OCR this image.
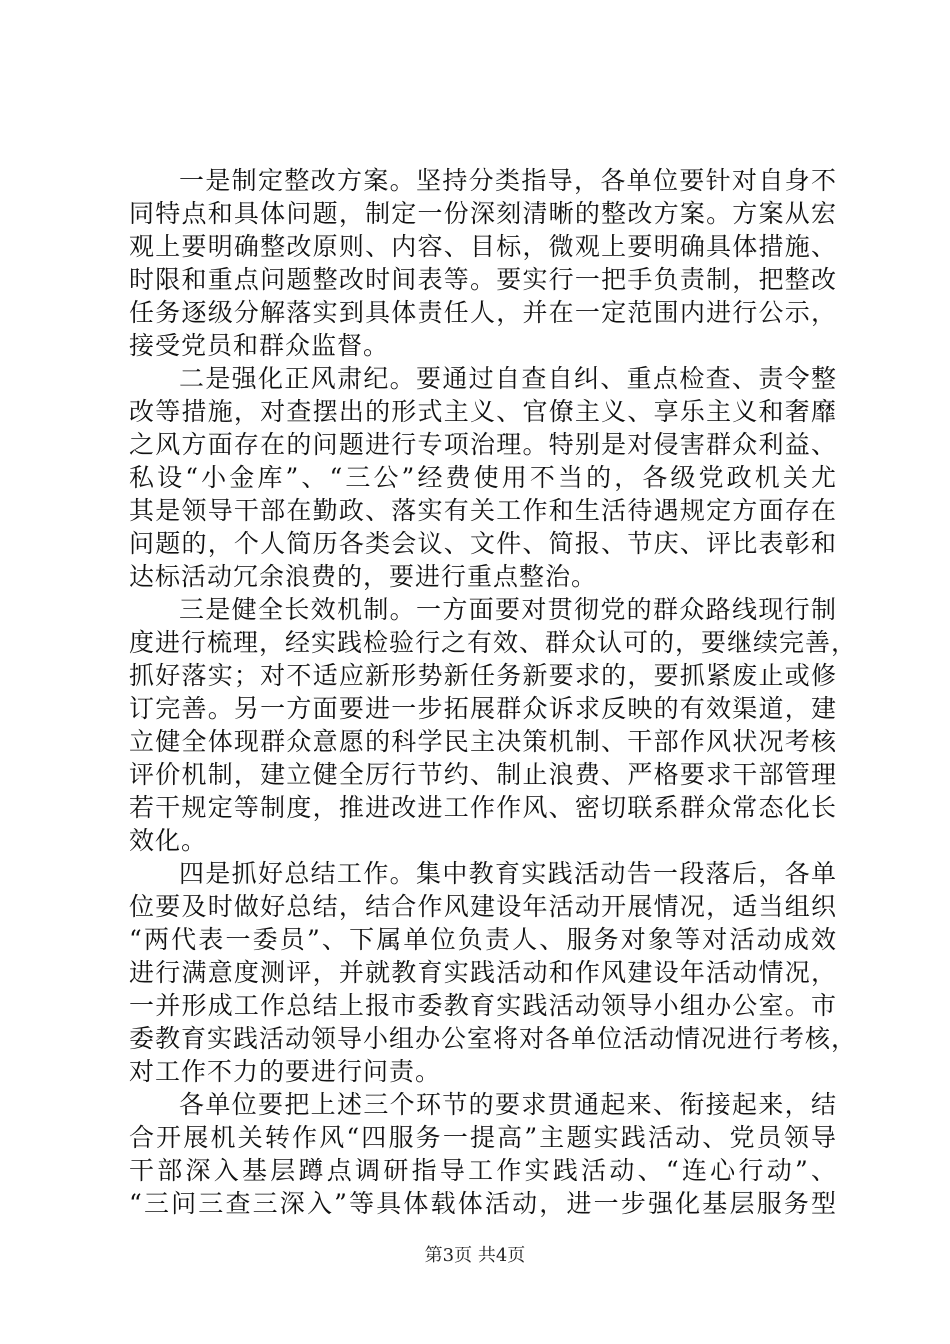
一是制定整改方案。坚持分类指导，各单位要针对自身不
同特点和具体问题，制定一份深刻清晰的整改方案。方案从宏
观上要明确整改原则、内容、目标，微观上要明确具体措施、
时限和重点问题整改时间表等。要实行一把手负责制，把整改
任务逐级分解落实到具体责任人，并在一定范围内进行公示，
接受党员和群众监督。
二是强化正风肃纪。要通过自查自纠、重点检查、责令整
改等措施，对查摆出的形式主义、官僚主义、享乐主义和奢靡
之风方面存在的问题进行专项治理。特别是对侵害群众利益、
私设“小金库”、“三公”经费使用不当的，各级党政机关尤
其是领导干部在勤政、落实有关工作和生活待遇规定方面存在
问题的，个人简历各类会议、文件、简报、节庆、评比表彰和
达标活动冗余浪费的，要进行重点整治。
三是健全长效机制。一方面要对贯彻党的群众路线现行制
度进行梳理，经实践检验行之有效、群众认可的，要继续完善，
抓好落实；对不适应新形势新任务新要求的，要抓紧废止或修
订完善。另一方面要进一步拓展群众诉求反映的有效渠道，建
立健全体现群众意愿的科学民主决策机制、干部作风状况考核
评价机制，建立健全厉行节约、制止浪费、严格要求干部管理
若干规定等制度，推进改进工作作风、密切联系群众常态化长
效化。
四是抓好总结工作。集中教育实践活动告一段落后，各单
位要及时做好总结，结合作风建设年活动开展情况，适当组织
“两代表一委员”、下属单位负责人、服务对象等对活动成效
进行满意度测评，并就教育实践活动和作风建设年活动情况，
一并形成工作总结上报市委教育实践活动领导小组办公室。市
委教育实践活动领导小组办公室将对各单位活动情况进行考核，
对工作不力的要进行问责。
各单位要把上述三个环节的要求贯通起来、衔接起来，结
合开展机关转作风“四服务一提高”主题实践活动、党员领导
干部深入基层蹲点调研指导工作实践活动、“连心行动”、
“三问三查三深入”等具体载体活动，进一步强化基层服务型
第3页 共4页
